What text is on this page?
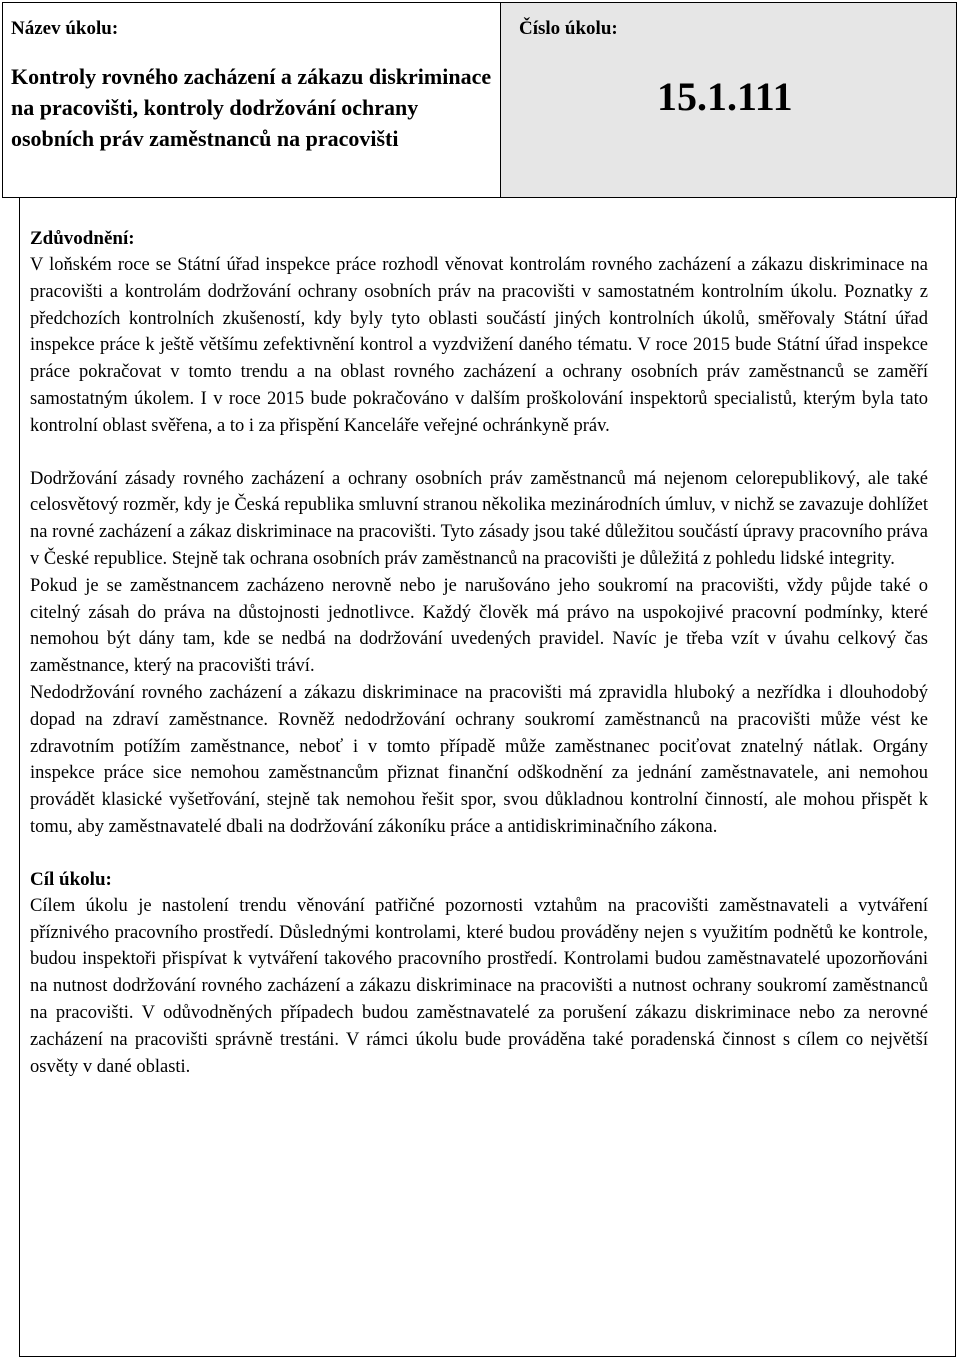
Název úkolu:
Kontroly rovného zacházení a zákazu diskriminace na pracovišti, kontroly dodržování ochrany osobních práv zaměstnanců na pracovišti
Číslo úkolu:
15.1.111
Zdůvodnění:

V loňském roce se Státní úřad inspekce práce rozhodl věnovat kontrolám rovného zacházení a zákazu diskriminace na pracovišti a kontrolám dodržování ochrany osobních práv na pracovišti v samostatném kontrolním úkolu. Poznatky z předchozích kontrolních zkušeností, kdy byly tyto oblasti součástí jiných kontrolních úkolů, směřovaly Státní úřad inspekce práce k ještě většímu zefektivnění kontrol a vyzdvižení daného tématu. V roce 2015 bude Státní úřad inspekce práce pokračovat v tomto trendu a na oblast rovného zacházení a ochrany osobních práv zaměstnanců se zaměří samostatným úkolem. I v roce 2015 bude pokračováno v dalším proškolování inspektorů specialistů, kterým byla tato kontrolní oblast svěřena, a to i za přispění Kanceláře veřejné ochránkyně práv.

Dodržování zásady rovného zacházení a ochrany osobních práv zaměstnanců má nejenom celorepublikový, ale také celosvětový rozměr, kdy je Česká republika smluvní stranou několika mezinárodních úmluv, v nichž se zavazuje dohlížet na rovné zacházení a zákaz diskriminace na pracovišti. Tyto zásady jsou také důležitou součástí úpravy pracovního práva v České republice. Stejně tak ochrana osobních práv zaměstnanců na pracovišti je důležitá z pohledu lidské integrity.

Pokud je se zaměstnancem zacházeno nerovně nebo je narušováno jeho soukromí na pracovišti, vždy půjde také o citelný zásah do práva na důstojnosti jednotlivce. Každý člověk má právo na uspokojivé pracovní podmínky, které nemohou být dány tam, kde se nedbá na dodržování uvedených pravidel. Navíc je třeba vzít v úvahu celkový čas zaměstnance, který na pracovišti tráví.

Nedodržování rovného zacházení a zákazu diskriminace na pracovišti má zpravidla hluboký a nezřídka i dlouhodobý dopad na zdraví zaměstnance. Rovněž nedodržování ochrany soukromí zaměstnanců na pracovišti může vést ke zdravotním potížím zaměstnance, neboť i v tomto případě může zaměstnanec pociťovat znatelný nátlak. Orgány inspekce práce sice nemohou zaměstnancům přiznat finanční odškodnění za jednání zaměstnavatele, ani nemohou provádět klasické vyšetřování, stejně tak nemohou řešit spor, svou důkladnou kontrolní činností, ale mohou přispět k tomu, aby zaměstnavatelé dbali na dodržování zákoníku práce a antidiskriminačního zákona.

Cíl úkolu:

Cílem úkolu je nastolení trendu věnování patřičné pozornosti vztahům na pracovišti zaměstnavateli a vytváření příznivého pracovního prostředí. Důslednými kontrolami, které budou prováděny nejen s využitím podnětů ke kontrole, budou inspektoři přispívat k vytváření takového pracovního prostředí. Kontrolami budou zaměstnavatelé upozorňováni na nutnost dodržování rovného zacházení a zákazu diskriminace na pracovišti a nutnost ochrany soukromí zaměstnanců na pracovišti. V odůvodněných případech budou zaměstnavatelé za porušení zákazu diskriminace nebo za nerovné zacházení na pracovišti správně trestáni. V rámci úkolu bude prováděna také poradenská činnost s cílem co největší osvěty v dané oblasti.
